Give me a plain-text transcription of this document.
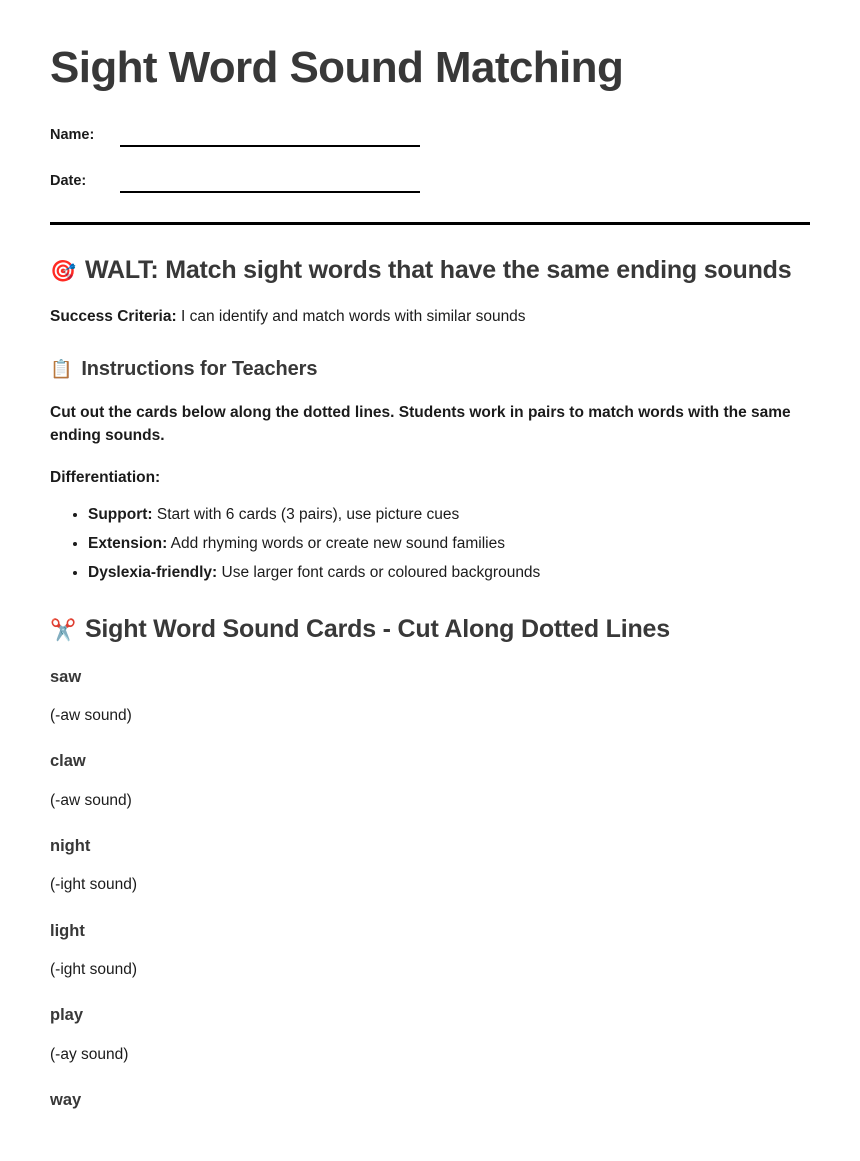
Sight Word Sound Matching
Name:
Date:
🎯 WALT: Match sight words that have the same ending sounds

Success Criteria: I can identify and match words with similar sounds

📋 Instructions for Teachers

Cut out the cards below along the dotted lines. Students work in pairs to match words with the same ending sounds.

Differentiation:

• Support: Start with 6 cards (3 pairs), use picture cues
• Extension: Add rhyming words or create new sound families
• Dyslexia-friendly: Use larger font cards or coloured backgrounds
✂️ Sight Word Sound Cards - Cut Along Dotted Lines

saw

(-aw sound)

claw

(-aw sound)

night

(-ight sound)

light

(-ight sound)

play

(-ay sound)

way
